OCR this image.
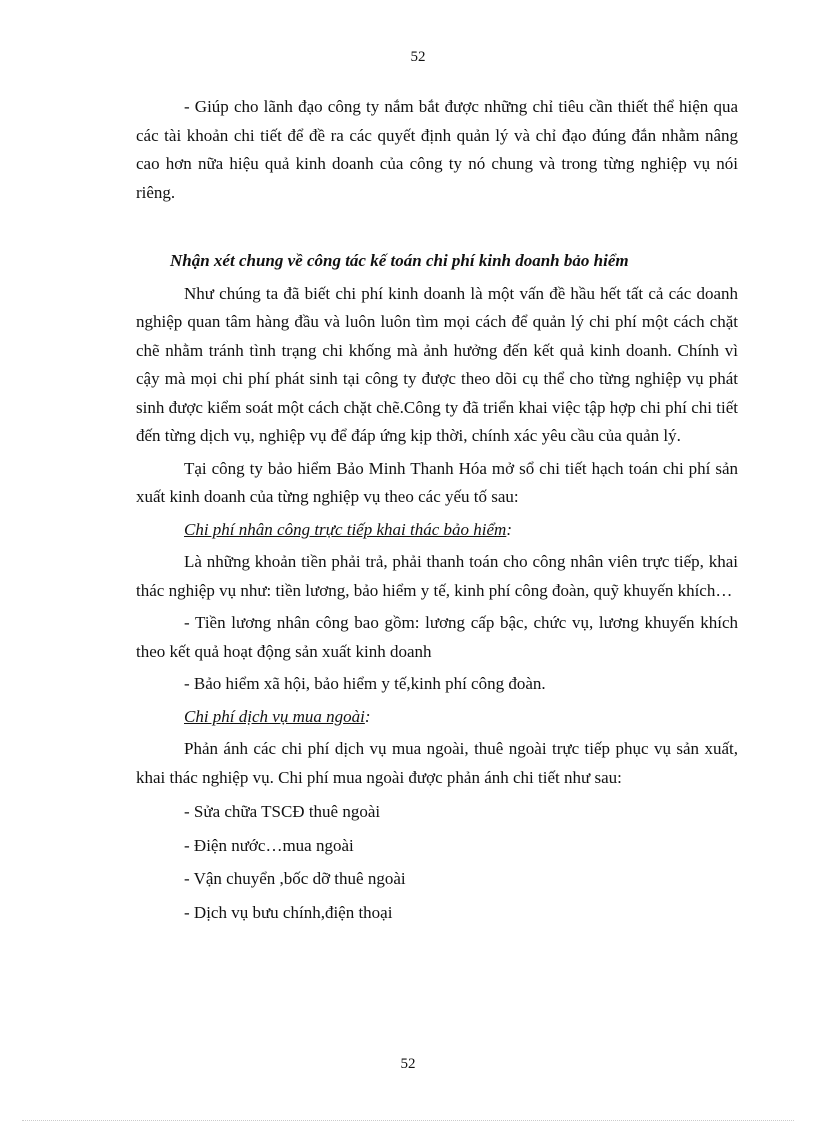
52

- Giúp cho lãnh đạo công ty nắm bắt được những chỉ tiêu cần thiết thể hiện qua các tài khoản chi tiết để đề ra các quyết định quản lý và chỉ đạo đúng đắn nhằm nâng cao hơn nữa hiệu quả kinh doanh của công ty nó chung và trong từng nghiệp vụ nói riêng.

Nhận xét chung về công tác kế toán chi phí kinh doanh bảo hiểm

Như chúng ta đã biết chi phí kinh doanh là một vấn đề hầu hết tất cả các doanh nghiệp quan tâm hàng đầu và luôn luôn tìm mọi cách để quản lý chi phí một cách chặt chẽ nhằm tránh tình trạng chi khống mà ảnh hưởng đến kết quả kinh doanh. Chính vì cậy mà mọi chi phí phát sinh tại công ty được theo dõi cụ thể cho từng nghiệp vụ phát sinh được kiểm soát một cách chặt chẽ.Công ty đã triển khai việc tập hợp chi phí chi tiết đến từng dịch vụ, nghiệp vụ để đáp ứng kịp thời, chính xác yêu cầu của quản lý.

Tại công ty bảo hiểm Bảo Minh Thanh Hóa mở sổ chi tiết hạch toán chi phí sản xuất kinh doanh của từng nghiệp vụ theo các yếu tố sau:

Chi phí nhân công trực tiếp khai thác bảo hiểm:

Là những khoản tiền phải trả, phải thanh toán cho công nhân viên trực tiếp, khai thác nghiệp vụ như: tiền lương, bảo hiểm y tế, kinh phí công đoàn, quỹ khuyến khích…

- Tiền lương nhân công bao gồm: lương cấp bậc, chức vụ, lương khuyến khích theo kết quả hoạt động sản xuất kinh doanh

- Bảo hiểm xã hội, bảo hiểm y tế,kinh phí công đoàn.

Chi phí dịch vụ mua ngoài:

Phản ánh các chi phí dịch vụ mua ngoài, thuê ngoài trực tiếp phục vụ sản xuất, khai thác nghiệp vụ. Chi phí mua ngoài được phản ánh chi tiết như sau:

- Sửa chữa TSCĐ thuê ngoài

- Điện nước…mua ngoài

- Vận chuyển ,bốc dỡ thuê ngoài

- Dịch vụ bưu chính,điện thoại

52
